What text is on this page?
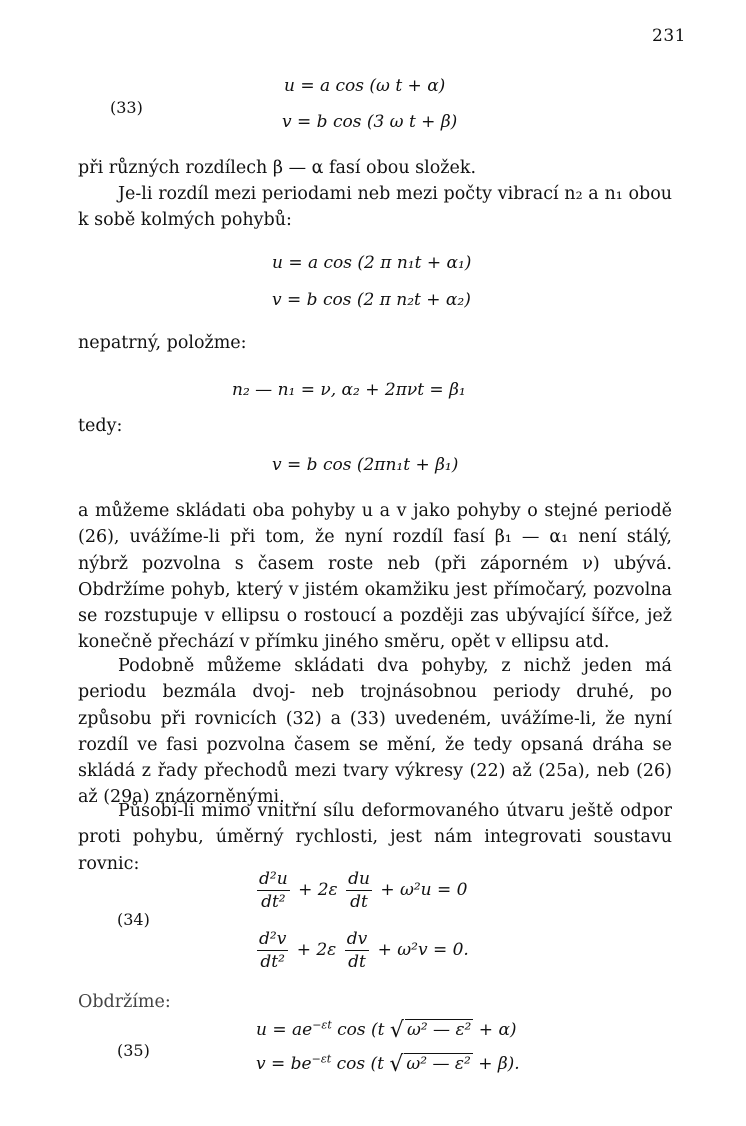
231
(33)
u = a cos (ω t + α)
v = b cos (3 ω t + β)
při různých rozdílech β — α fasí obou složek.
Je-li rozdíl mezi periodami neb mezi počty vibrací n₂ a n₁ obou k sobě kolmých pohybů:
u = a cos (2 π n₁t + α₁)
v = b cos (2 π n₂t + α₂)
nepatrný, položme:
n₂ — n₁ = ν, α₂ + 2πνt = β₁
tedy:
v = b cos (2πn₁t + β₁)
a můžeme skládati oba pohyby u a v jako pohyby o stejné periodě (26), uvážíme-li při tom, že nyní rozdíl fasí β₁ — α₁ není stálý, nýbrž pozvolna s časem roste neb (při záporném ν) ubývá. Obdržíme pohyb, který v jistém okamžiku jest přímočarý, pozvolna se rozstupuje v ellipsu o rostoucí a později zas ubývající šířce, jež konečně přechází v přímku jiného směru, opět v ellipsu atd.
Podobně můžeme skládati dva pohyby, z nichž jeden má periodu bezmála dvoj- neb trojnásobnou periody druhé, po způsobu při rovnicích (32) a (33) uvedeném, uvážíme-li, že nyní rozdíl ve fasi pozvolna časem se mění, že tedy opsaná dráha se skládá z řady přechodů mezi tvary výkresy (22) až (25a), neb (26) až (29a) znázorněnými.
Působí-li mimo vnitřní sílu deformovaného útvaru ještě odpor proti pohybu, úměrný rychlosti, jest nám integrovati soustavu rovnic:
(34)
$\frac{\text{d²u}}{\text{dt²}} + 2\varepsilon \frac{du}{dt} + \omega^2u = 0$
$\frac{\text{d²v}}{\text{dt²}} + 2\varepsilon \frac{dv}{dt} + \omega^2v = 0$.
Obdržíme:
(35)
$u = ae^{-\varepsilon t}$ cos (t √ ω² — ε² + α)
$v = be^{-\varepsilon t}$ cos (t √ ω² — ε² + β).
